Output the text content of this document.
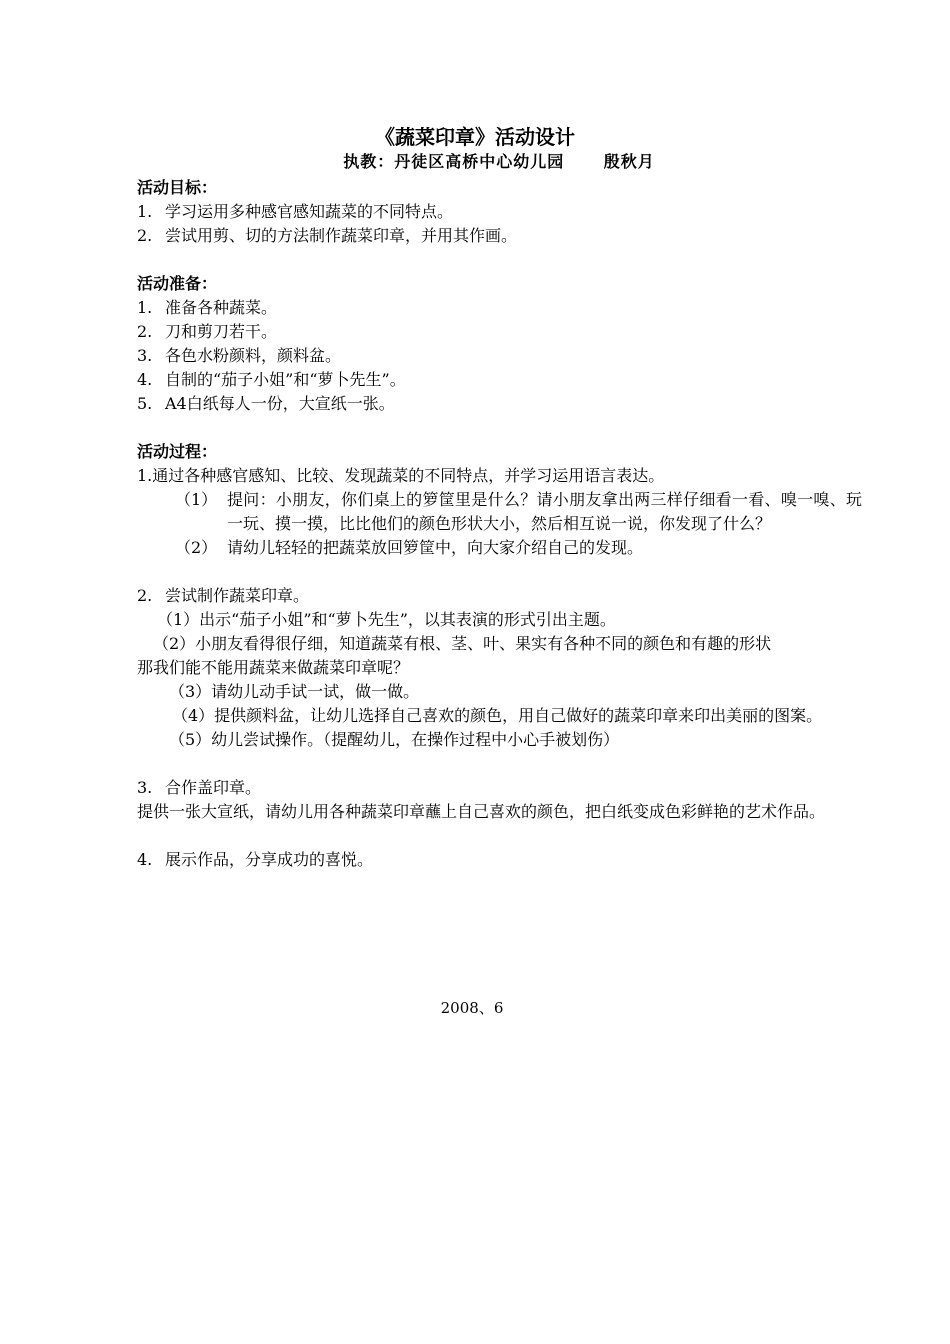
《蔬菜印章》活动设计
执教：丹徒区高桥中心幼儿园      殷秋月
活动目标：
1. 学习运用多种感官感知蔬菜的不同特点。
2. 尝试用剪、切的方法制作蔬菜印章，并用其作画。
活动准备：
1. 准备各种蔬菜。
2. 刀和剪刀若干。
3. 各色水粉颜料，颜料盆。
4. 自制的“茄子小姐”和“萝卜先生”。
5. A4白纸每人一份，大宣纸一张。
活动过程：
1.通过各种感官感知、比较、发现蔬菜的不同特点，并学习运用语言表达。
（1） 提问：小朋友，你们桌上的箩筐里是什么？请小朋友拿出两三样仔细看一看、嗅一嗅、玩一玩、摸一摸，比比他们的颜色形状大小，然后相互说一说，你发现了什么？
（2） 请幼儿轻轻的把蔬菜放回箩筐中，向大家介绍自己的发现。
2. 尝试制作蔬菜印章。
（1）出示“茄子小姐”和“萝卜先生”，以其表演的形式引出主题。
（2）小朋友看得很仔细，知道蔬菜有根、茎、叶、果实有各种不同的颜色和有趣的形状
那我们能不能用蔬菜来做蔬菜印章呢？
（3）请幼儿动手试一试，做一做。
（4）提供颜料盆，让幼儿选择自己喜欢的颜色，用自己做好的蔬菜印章来印出美丽的图案。
（5）幼儿尝试操作。（提醒幼儿，在操作过程中小心手被划伤）
3. 合作盖印章。
提供一张大宣纸，请幼儿用各种蔬菜印章蘸上自己喜欢的颜色，把白纸变成色彩鲜艳的艺术作品。
4. 展示作品，分享成功的喜悦。
2008、6
